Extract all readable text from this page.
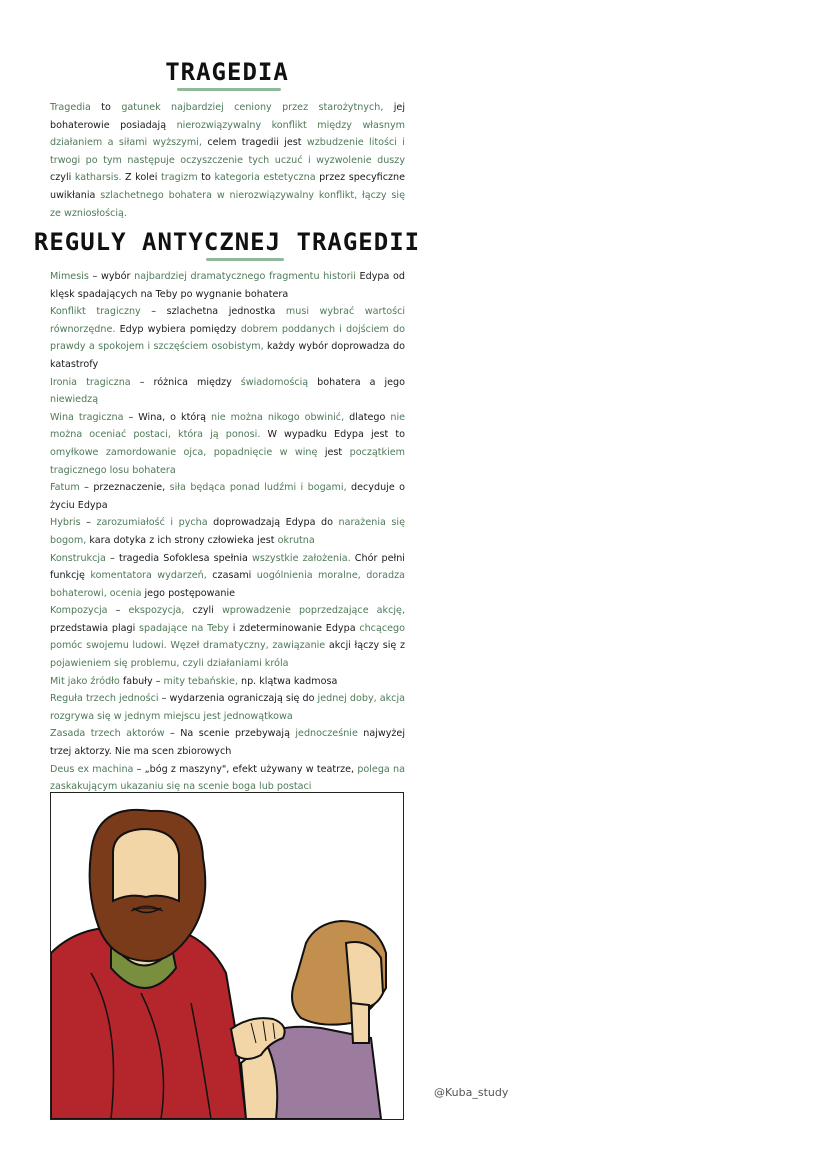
TRAGEDIA
Tragedia to gatunek najbardziej ceniony przez starożytnych, jej bohaterowie posiadają nierozwiązywalny konflikt między własnym działaniem a siłami wyższymi, celem tragedii jest wzbudzenie litości i trwogi po tym następuje oczyszczenie tych uczuć i wyzwolenie duszy czyli katharsis. Z kolei tragizm to kategoria estetyczna przez specyficzne uwikłania szlachetnego bohatera w nierozwiązywalny konflikt, łączy się ze wzniosłością.
REGULY ANTYCZNEJ TRAGEDII

Mimesis – wybór najbardziej dramatycznego fragmentu historii Edypa od klęsk spadających na Teby po wygnanie bohatera

Konflikt tragiczny – szlachetna jednostka musi wybrać wartości równorzędne. Edyp wybiera pomiędzy dobrem poddanych i dojściem do prawdy a spokojem i szczęściem osobistym, każdy wybór doprowadza do katastrofy

Ironia tragiczna – różnica między świadomością bohatera a jego niewiedzą

Wina tragiczna – Wina, o którą nie można nikogo obwinić, dlatego nie można oceniać postaci, która ją ponosi. W wypadku Edypa jest to omyłkowe zamordowanie ojca, popadnięcie w winę jest początkiem tragicznego losu bohatera

Fatum – przeznaczenie, siła będąca ponad ludźmi i bogami, decyduje o życiu Edypa

Hybris – zarozumiałość i pycha doprowadzają Edypa do narażenia się bogom, kara dotyka z ich strony człowieka jest okrutna

Konstrukcja – tragedia Sofoklesa spełnia wszystkie założenia. Chór pełni funkcję komentatora wydarzeń, czasami uogólnienia moralne, doradza bohaterowi, ocenia jego postępowanie

Kompozycja – ekspozycja, czyli wprowadzenie poprzedzające akcję, przedstawia plagi spadające na Teby i zdeterminowanie Edypa chcącego pomóc swojemu ludowi. Węzeł dramatyczny, zawiązanie akcji łączy się z pojawieniem się problemu, czyli działaniami króla

Mit jako źródło fabuły – mity tebańskie, np. klątwa kadmosa

Reguła trzech jedności – wydarzenia ograniczają się do jednej doby, akcja rozgrywa się w jednym miejscu jest jednowątkowa

Zasada trzech aktorów – Na scenie przebywają jednocześnie najwyżej trzej aktorzy. Nie ma scen zbiorowych

Deus ex machina – „bóg z maszyny", efekt używany w teatrze, polega na zaskakującym ukazaniu się na scenie boga lub postaci

@Kuba_study
